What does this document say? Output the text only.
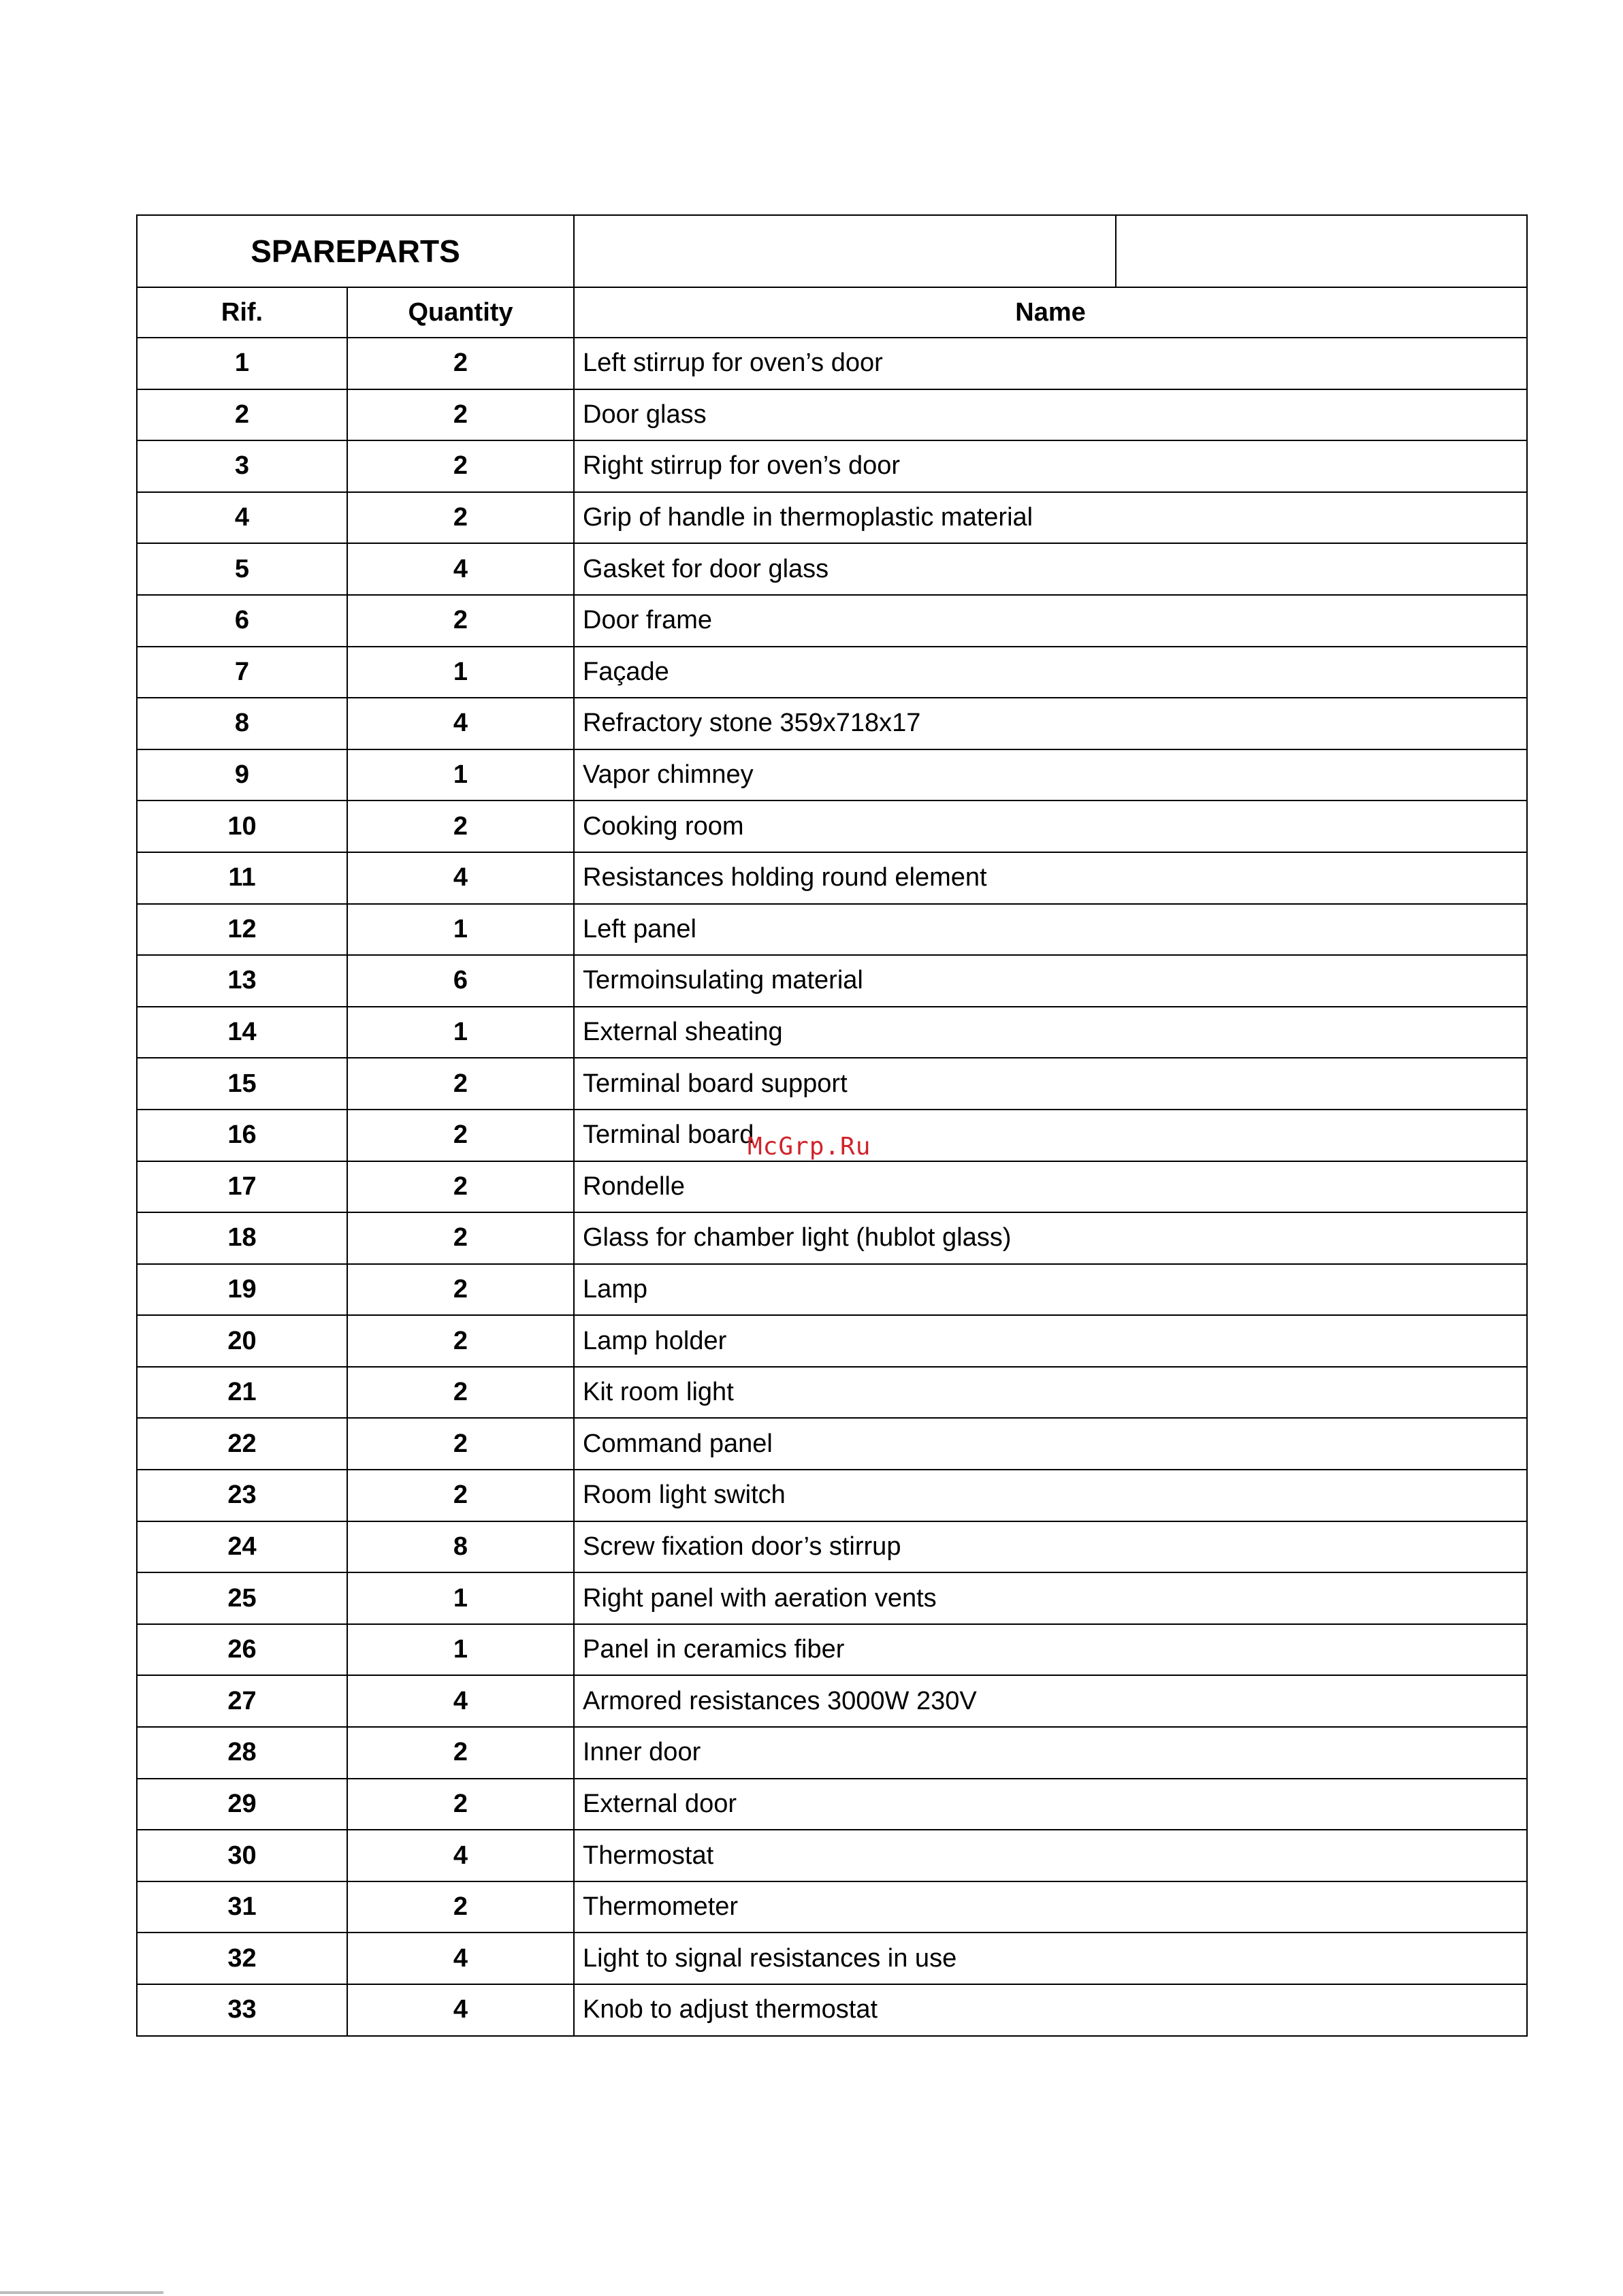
SPAREPARTS			
Rif.	Quantity	Name	
1	2	Left stirrup for oven’s door	
2	2	Door glass	
3	2	Right stirrup for oven’s door	
4	2	Grip of handle in thermoplastic material	
5	4	Gasket for door glass	
6	2	Door frame	
7	1	Façade	
8	4	Refractory stone 359x718x17	
9	1	Vapor chimney	
10	2	Cooking room	
11	4	Resistances holding round element	
12	1	Left panel	
13	6	Termoinsulating material	
14	1	External sheating	
15	2	Terminal board support	
16	2	Terminal board	
17	2	Rondelle	
18	2	Glass for chamber light (hublot glass)	
19	2	Lamp	
20	2	Lamp holder	
21	2	Kit room light	
22	2	Command panel	
23	2	Room light switch	
24	8	Screw fixation door’s stirrup	
25	1	Right panel with aeration vents	
26	1	Panel in ceramics fiber	
27	4	Armored resistances 3000W 230V	
28	2	Inner door	
29	2	External door	
30	4	Thermostat	
31	2	Thermometer	
32	4	Light to signal resistances in use	
33	4	Knob to adjust thermostat	
McGrp.Ru
